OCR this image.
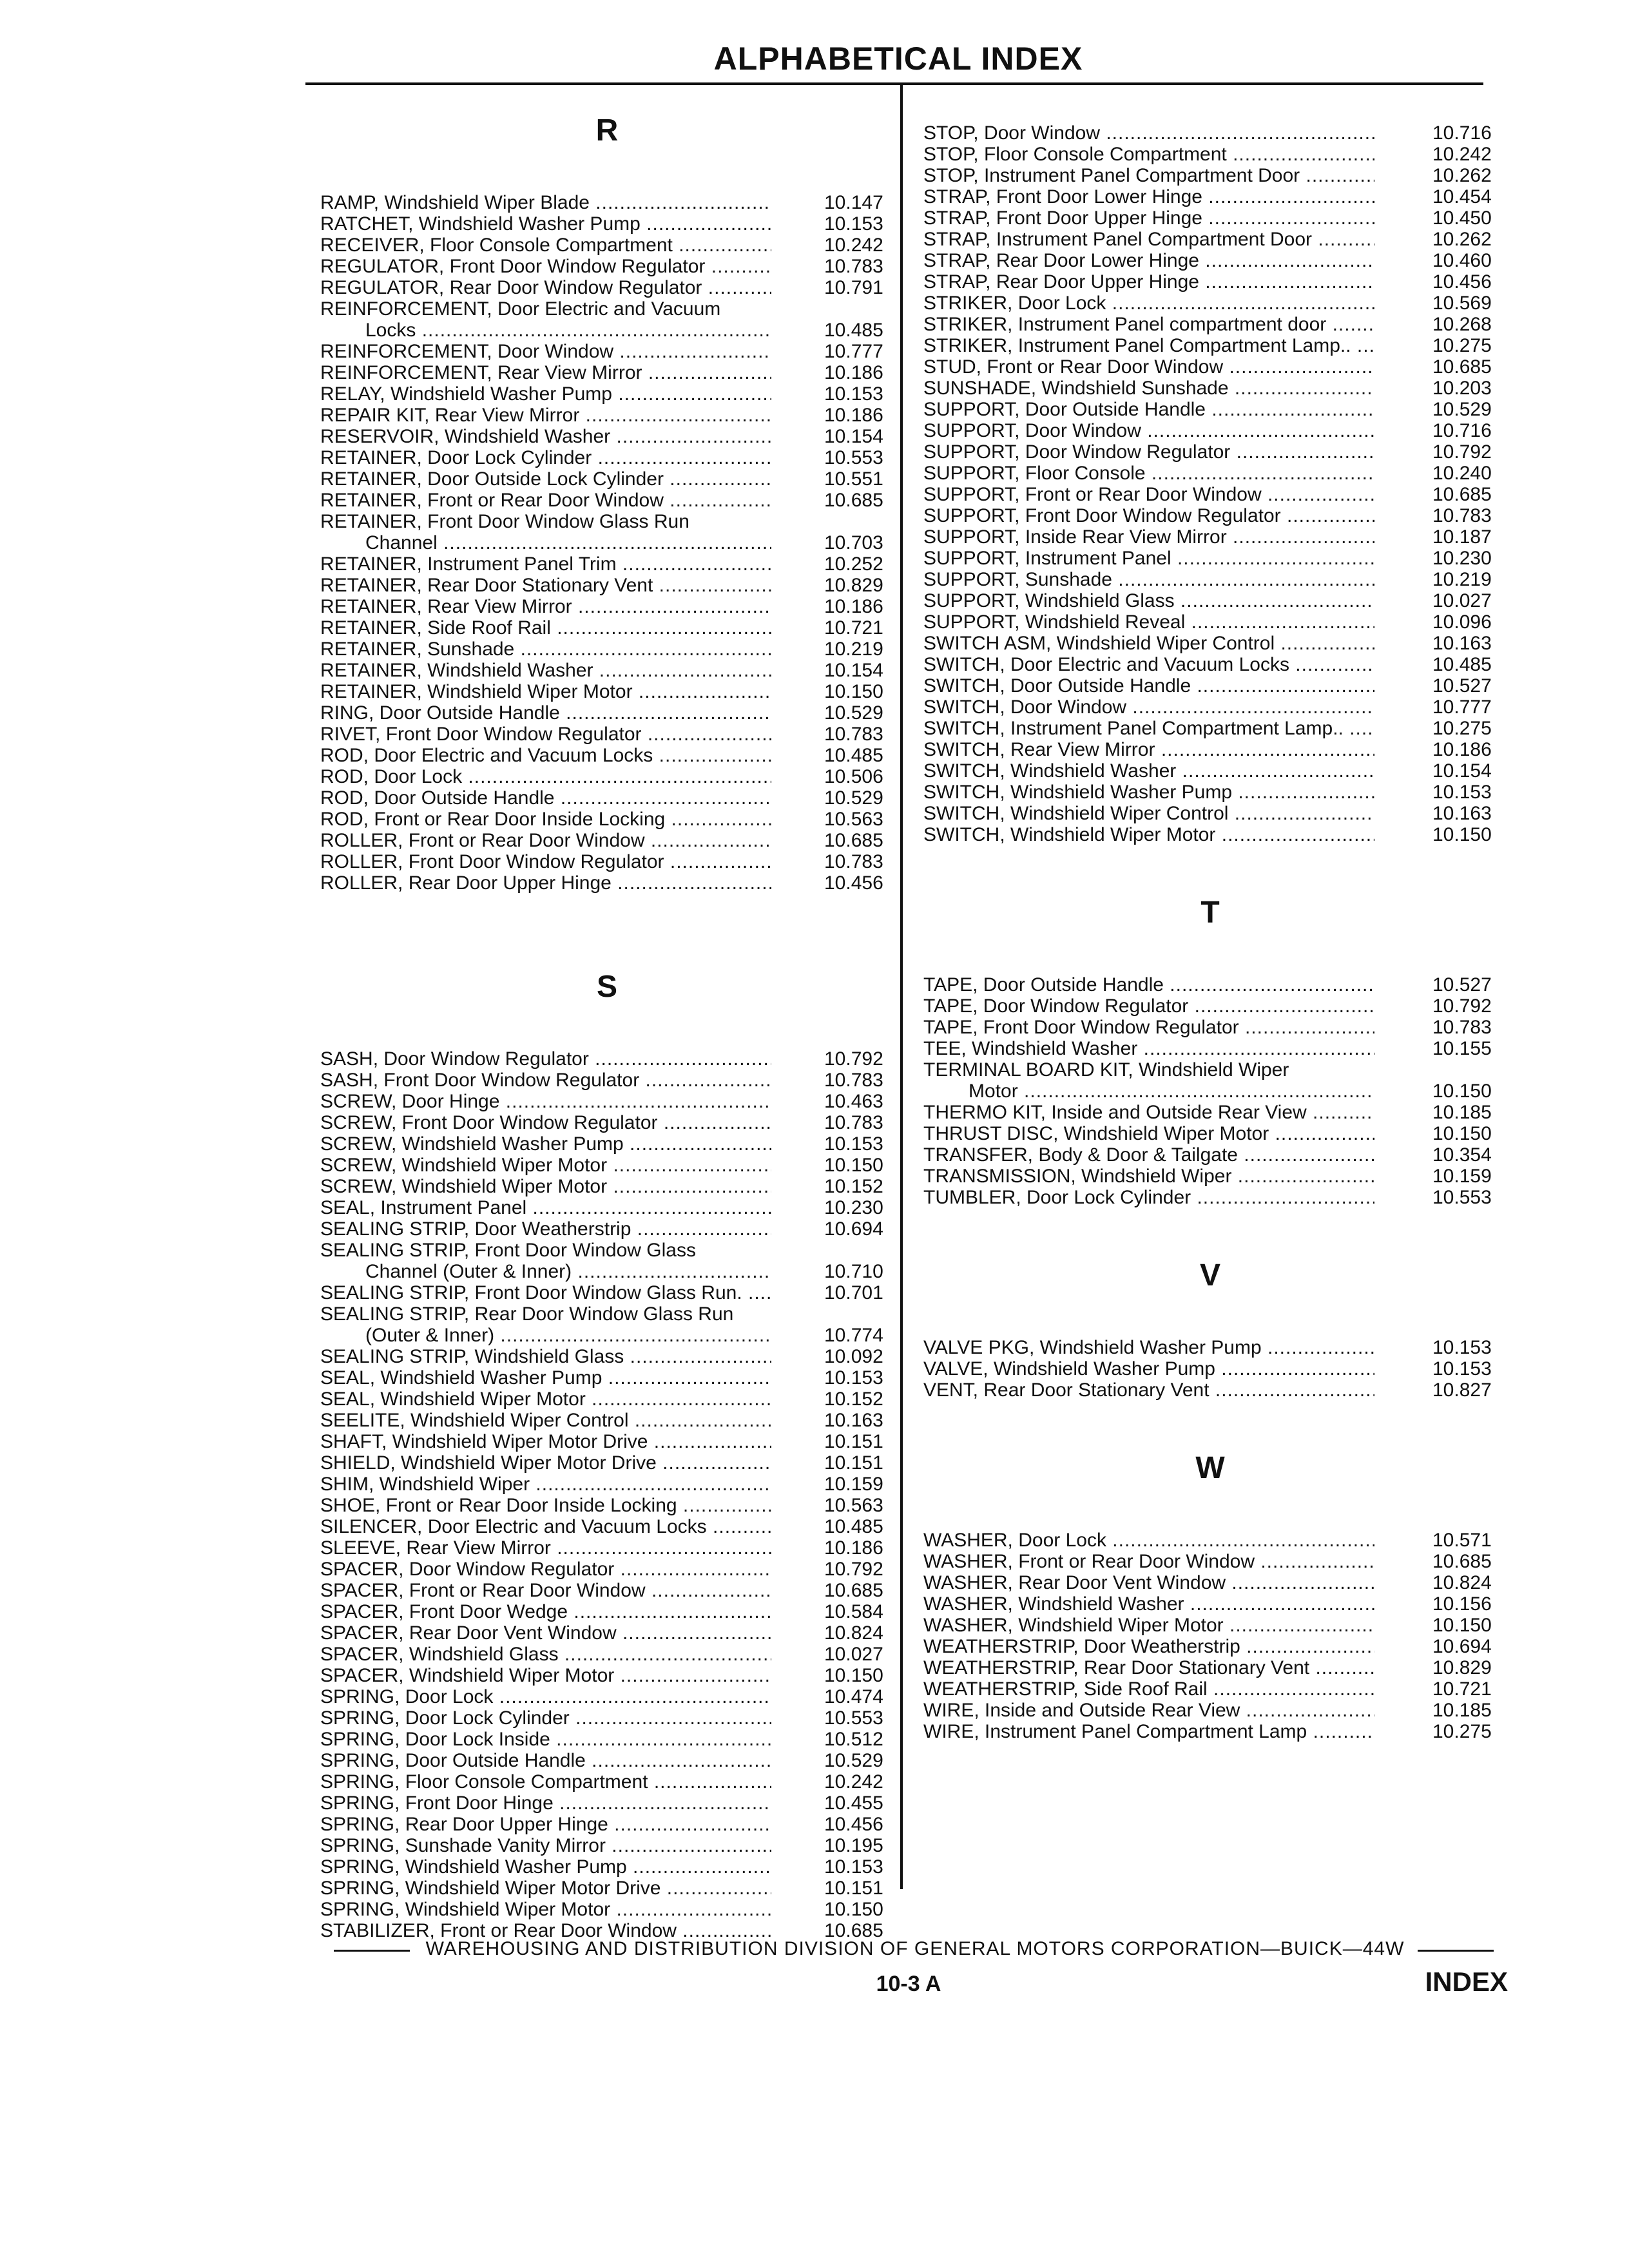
ALPHABETICAL INDEX
R
RAMP, Windshield Wiper Blade .....	10.147
RATCHET, Windshield Washer Pump .....	10.153
RECEIVER, Floor Console Compartment .....	10.242
REGULATOR, Front Door Window Regulator .....	10.783
REGULATOR, Rear Door Window Regulator .....	10.791
REINFORCEMENT, Door Electric and Vacuum
Locks .....	10.485
REINFORCEMENT, Door Window .....	10.777
REINFORCEMENT, Rear View Mirror .....	10.186
RELAY, Windshield Washer Pump .....	10.153
REPAIR KIT, Rear View Mirror .....	10.186
RESERVOIR, Windshield Washer .....	10.154
RETAINER, Door Lock Cylinder .....	10.553
RETAINER, Door Outside Lock Cylinder .....	10.551
RETAINER, Front or Rear Door Window .....	10.685
RETAINER, Front Door Window Glass Run
Channel .....	10.703
RETAINER, Instrument Panel Trim .....	10.252
RETAINER, Rear Door Stationary Vent .....	10.829
RETAINER, Rear View Mirror .....	10.186
RETAINER, Side Roof Rail .....	10.721
RETAINER, Sunshade .....	10.219
RETAINER, Windshield Washer .....	10.154
RETAINER, Windshield Wiper Motor .....	10.150
RING, Door Outside Handle .....	10.529
RIVET, Front Door Window Regulator .....	10.783
ROD, Door Electric and Vacuum Locks .....	10.485
ROD, Door Lock .....	10.506
ROD, Door Outside Handle .....	10.529
ROD, Front or Rear Door Inside Locking .....	10.563
ROLLER, Front or Rear Door Window .....	10.685
ROLLER, Front Door Window Regulator .....	10.783
ROLLER, Rear Door Upper Hinge .....	10.456
S
SASH, Door Window Regulator .....	10.792
SASH, Front Door Window Regulator .....	10.783
SCREW, Door Hinge .....	10.463
SCREW, Front Door Window Regulator .....	10.783
SCREW, Windshield Washer Pump .....	10.153
SCREW, Windshield Wiper Motor .....	10.150
SCREW, Windshield Wiper Motor .....	10.152
SEAL, Instrument Panel .....	10.230
SEALING STRIP, Door Weatherstrip .....	10.694
SEALING STRIP, Front Door Window Glass
Channel (Outer & Inner) .....	10.710
SEALING STRIP, Front Door Window Glass Run. .....	10.701
SEALING STRIP, Rear Door Window Glass Run
(Outer & Inner) .....	10.774
SEALING STRIP, Windshield Glass .....	10.092
SEAL, Windshield Washer Pump .....	10.153
SEAL, Windshield Wiper Motor .....	10.152
SEELITE, Windshield Wiper Control .....	10.163
SHAFT, Windshield Wiper Motor Drive .....	10.151
SHIELD, Windshield Wiper Motor Drive .....	10.151
SHIM, Windshield Wiper .....	10.159
SHOE, Front or Rear Door Inside Locking .....	10.563
SILENCER, Door Electric and Vacuum Locks .....	10.485
SLEEVE, Rear View Mirror .....	10.186
SPACER, Door Window Regulator .....	10.792
SPACER, Front or Rear Door Window .....	10.685
SPACER, Front Door Wedge .....	10.584
SPACER, Rear Door Vent Window .....	10.824
SPACER, Windshield Glass .....	10.027
SPACER, Windshield Wiper Motor .....	10.150
SPRING, Door Lock .....	10.474
SPRING, Door Lock Cylinder .....	10.553
SPRING, Door Lock Inside .....	10.512
SPRING, Door Outside Handle .....	10.529
SPRING, Floor Console Compartment .....	10.242
SPRING, Front Door Hinge .....	10.455
SPRING, Rear Door Upper Hinge .....	10.456
SPRING, Sunshade Vanity Mirror .....	10.195
SPRING, Windshield Washer Pump .....	10.153
SPRING, Windshield Wiper Motor Drive .....	10.151
SPRING, Windshield Wiper Motor .....	10.150
STABILIZER, Front or Rear Door Window .....	10.685
STOP, Door Window .....	10.716
STOP, Floor Console Compartment .....	10.242
STOP, Instrument Panel Compartment Door .....	10.262
STRAP, Front Door Lower Hinge .....	10.454
STRAP, Front Door Upper Hinge .....	10.450
STRAP, Instrument Panel Compartment Door .....	10.262
STRAP, Rear Door Lower Hinge .....	10.460
STRAP, Rear Door Upper Hinge .....	10.456
STRIKER, Door Lock .....	10.569
STRIKER, Instrument Panel compartment door .....	10.268
STRIKER, Instrument Panel Compartment Lamp.. .....	10.275
STUD, Front or Rear Door Window .....	10.685
SUNSHADE, Windshield Sunshade .....	10.203
SUPPORT, Door Outside Handle .....	10.529
SUPPORT, Door Window .....	10.716
SUPPORT, Door Window Regulator .....	10.792
SUPPORT, Floor Console .....	10.240
SUPPORT, Front or Rear Door Window .....	10.685
SUPPORT, Front Door Window Regulator .....	10.783
SUPPORT, Inside Rear View Mirror .....	10.187
SUPPORT, Instrument Panel .....	10.230
SUPPORT, Sunshade .....	10.219
SUPPORT, Windshield Glass .....	10.027
SUPPORT, Windshield Reveal .....	10.096
SWITCH ASM, Windshield Wiper Control .....	10.163
SWITCH, Door Electric and Vacuum Locks .....	10.485
SWITCH, Door Outside Handle .....	10.527
SWITCH, Door Window .....	10.777
SWITCH, Instrument Panel Compartment Lamp.. .....	10.275
SWITCH, Rear View Mirror .....	10.186
SWITCH, Windshield Washer .....	10.154
SWITCH, Windshield Washer Pump .....	10.153
SWITCH, Windshield Wiper Control .....	10.163
SWITCH, Windshield Wiper Motor .....	10.150
T
TAPE, Door Outside Handle .....	10.527
TAPE, Door Window Regulator .....	10.792
TAPE, Front Door Window Regulator .....	10.783
TEE, Windshield Washer .....	10.155
TERMINAL BOARD KIT, Windshield Wiper
Motor .....	10.150
THERMO KIT, Inside and Outside Rear View .....	10.185
THRUST DISC, Windshield Wiper Motor .....	10.150
TRANSFER, Body & Door & Tailgate .....	10.354
TRANSMISSION, Windshield Wiper .....	10.159
TUMBLER, Door Lock Cylinder .....	10.553
V
VALVE PKG, Windshield Washer Pump .....	10.153
VALVE, Windshield Washer Pump .....	10.153
VENT, Rear Door Stationary Vent .....	10.827
W
WASHER, Door Lock .....	10.571
WASHER, Front or Rear Door Window .....	10.685
WASHER, Rear Door Vent Window .....	10.824
WASHER, Windshield Washer .....	10.156
WASHER, Windshield Wiper Motor .....	10.150
WEATHERSTRIP, Door Weatherstrip .....	10.694
WEATHERSTRIP, Rear Door Stationary Vent .....	10.829
WEATHERSTRIP, Side Roof Rail .....	10.721
WIRE, Inside and Outside Rear View .....	10.185
WIRE, Instrument Panel Compartment Lamp .....	10.275
WAREHOUSING AND DISTRIBUTION DIVISION OF GENERAL MOTORS CORPORATION—BUICK—44W
10-3 A	INDEX
